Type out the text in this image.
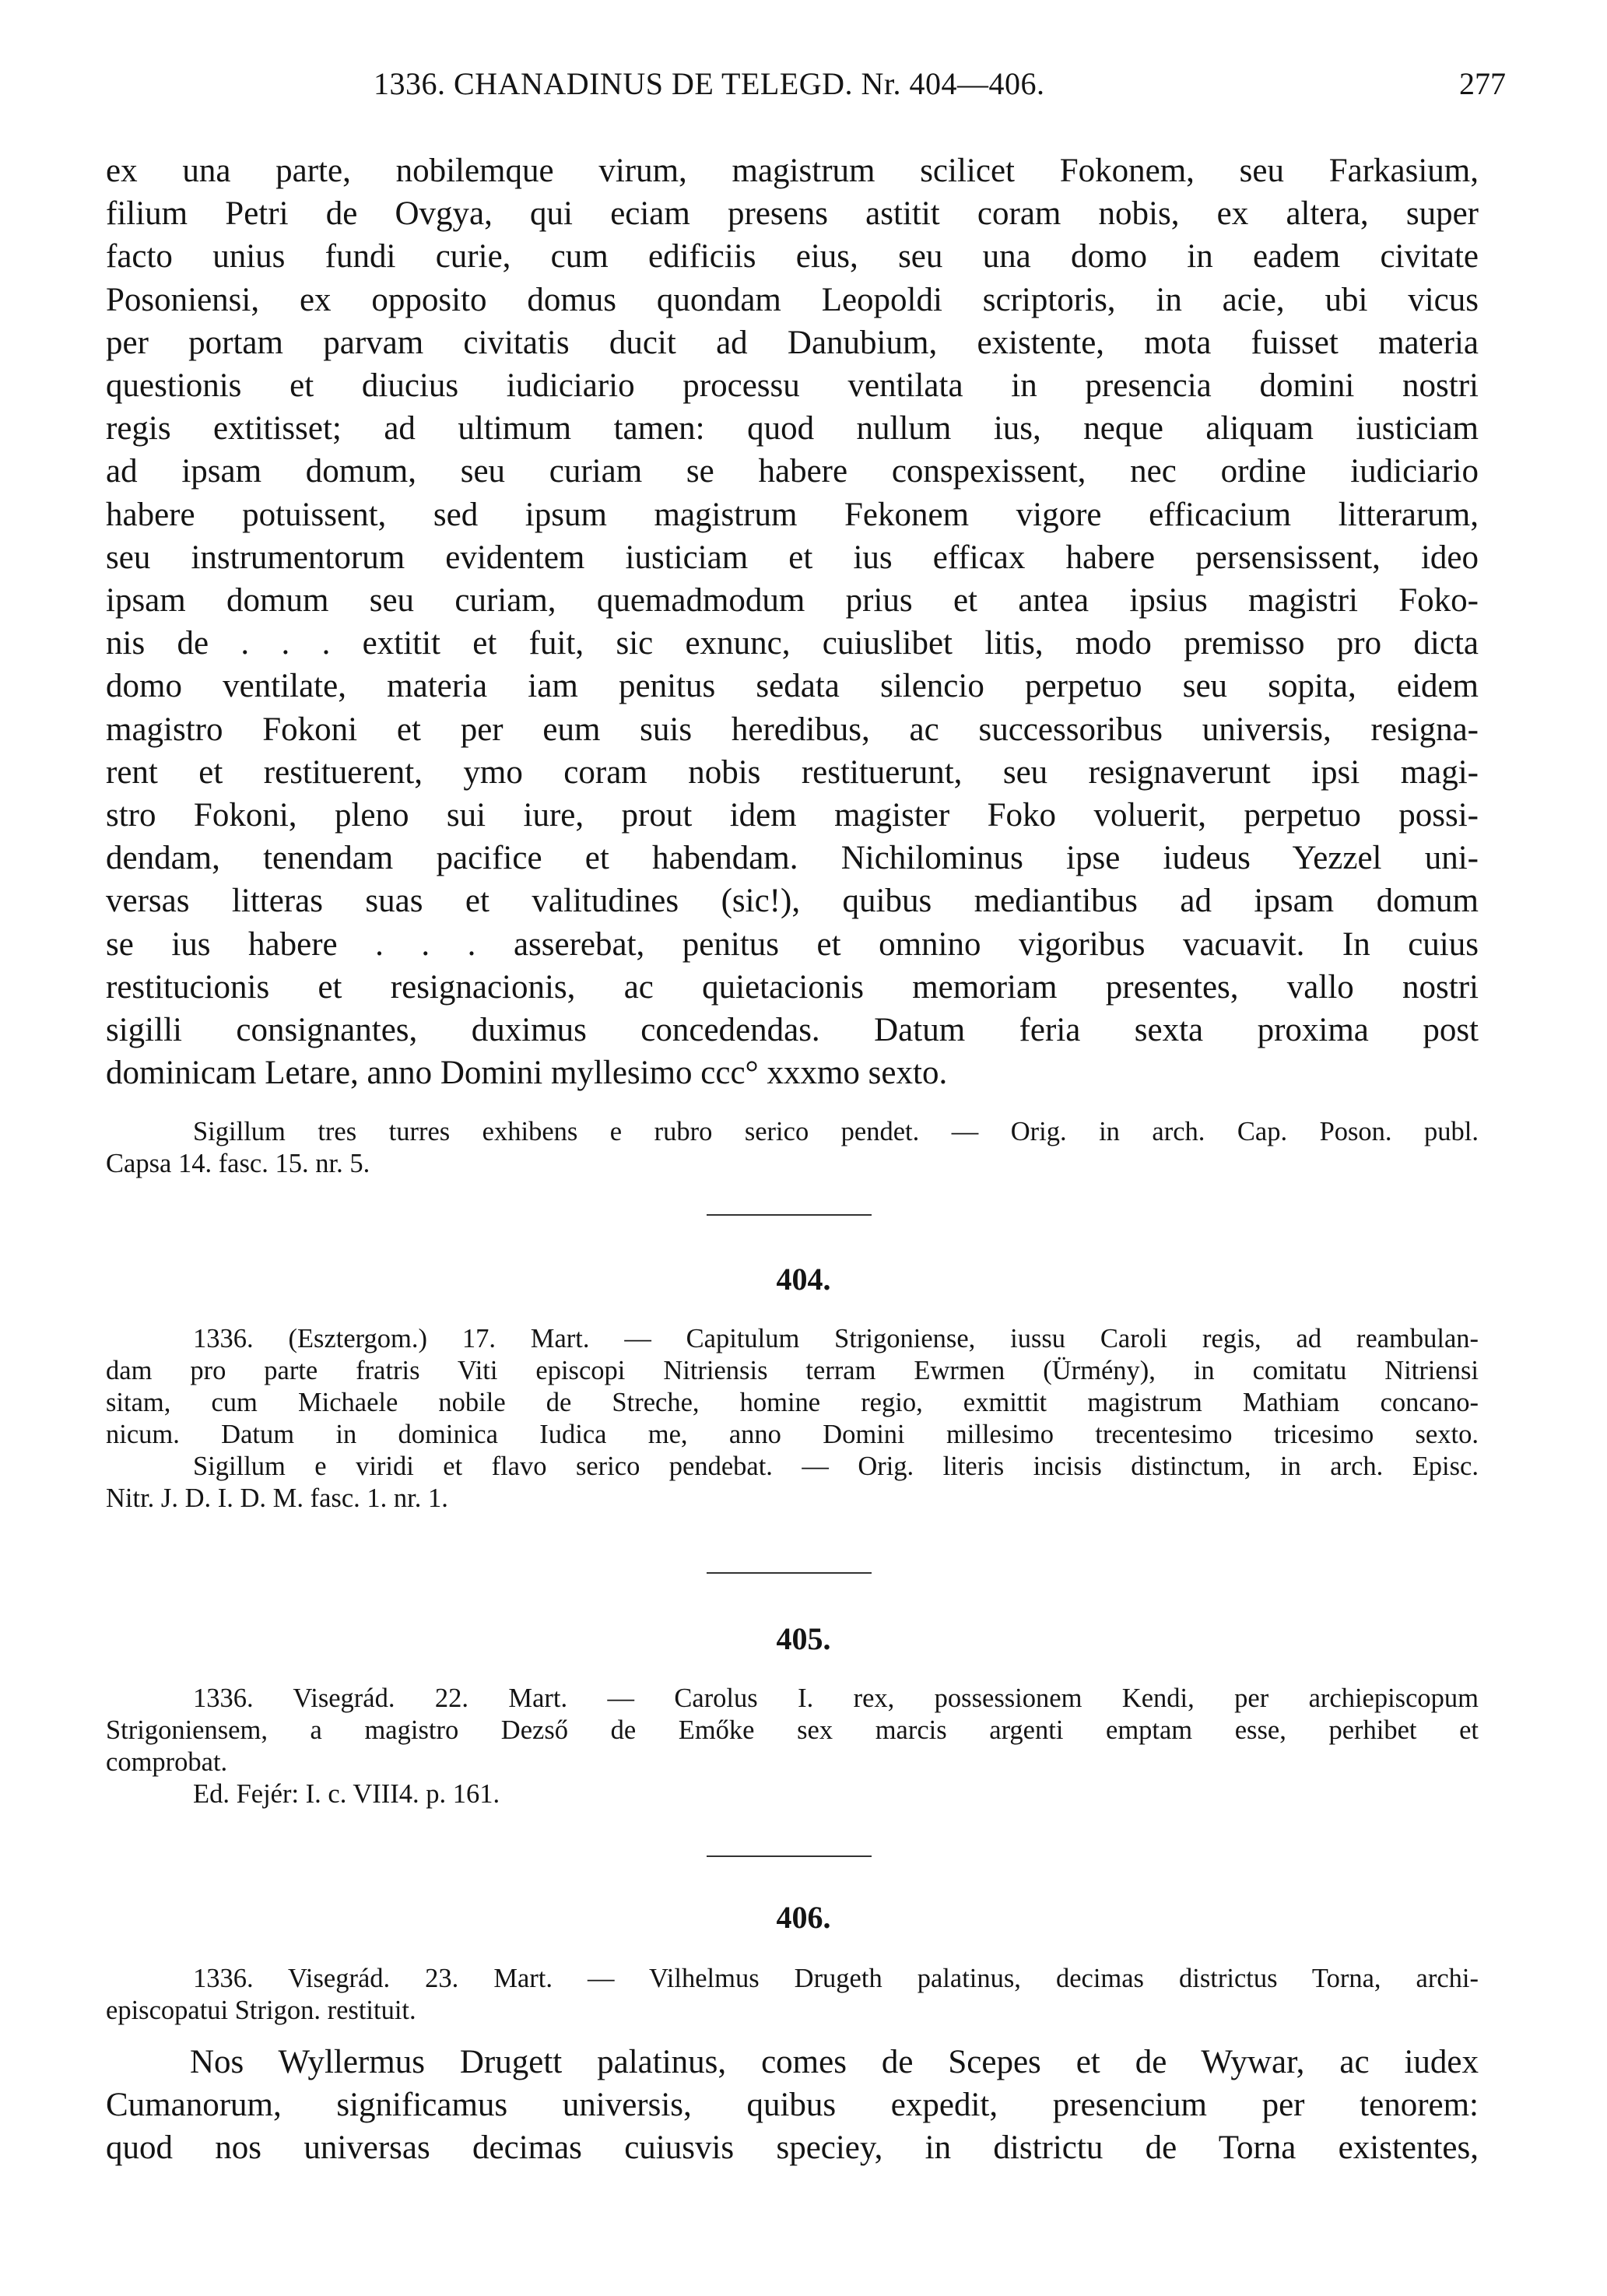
1336. CHANADINUS DE TELEGD. Nr. 404—406.	277
ex una parte, nobilemque virum, magistrum scilicet Fokonem, seu Farkasium,
filium Petri de Ovgya, qui eciam presens astitit coram nobis, ex altera, super
facto unius fundi curie, cum edificiis eius, seu una domo in eadem civitate
Posoniensi, ex opposito domus quondam Leopoldi scriptoris, in acie, ubi vicus
per portam parvam civitatis ducit ad Danubium, existente, mota fuisset materia
questionis et diucius iudiciario processu ventilata in presencia domini nostri
regis extitisset; ad ultimum tamen: quod nullum ius, neque aliquam iusticiam
ad ipsam domum, seu curiam se habere conspexissent, nec ordine iudiciario
habere potuissent, sed ipsum magistrum Fekonem vigore efficacium litterarum,
seu instrumentorum evidentem iusticiam et ius efficax habere persensissent, ideo
ipsam domum seu curiam, quemadmodum prius et antea ipsius magistri Foko-
nis de . . . extitit et fuit, sic exnunc, cuiuslibet litis, modo premisso pro dicta
domo ventilate, materia iam penitus sedata silencio perpetuo seu sopita, eidem
magistro Fokoni et per eum suis heredibus, ac successoribus universis, resigna-
rent et restituerent, ymo coram nobis restituerunt, seu resignaverunt ipsi magi-
stro Fokoni, pleno sui iure, prout idem magister Foko voluerit, perpetuo possi-
dendam, tenendam pacifice et habendam. Nichilominus ipse iudeus Yezzel uni-
versas litteras suas et valitudines (sic!), quibus mediantibus ad ipsam domum
se ius habere . . . asserebat, penitus et omnino vigoribus vacuavit. In cuius
restitucionis et resignacionis, ac quietacionis memoriam presentes, vallo nostri
sigilli consignantes, duximus concedendas. Datum feria sexta proxima post
dominicam Letare, anno Domini myllesimo ccc° xxxmo sexto.
Sigillum tres turres exhibens e rubro serico pendet. — Orig. in arch. Cap. Poson. publ.
Capsa 14. fasc. 15. nr. 5.
404.
1336. (Esztergom.) 17. Mart. — Capitulum Strigoniense, iussu Caroli regis, ad reambulan-
dam pro parte fratris Viti episcopi Nitriensis terram Ewrmen (Ürmény), in comitatu Nitriensi
sitam, cum Michaele nobile de Streche, homine regio, exmittit magistrum Mathiam concano-
nicum. Datum in dominica Iudica me, anno Domini millesimo trecentesimo tricesimo sexto.
Sigillum e viridi et flavo serico pendebat. — Orig. literis incisis distinctum, in arch. Episc.
Nitr. J. D. I. D. M. fasc. 1. nr. 1.
405.
1336. Visegrád. 22. Mart. — Carolus I. rex, possessionem Kendi, per archiepiscopum
Strigoniensem, a magistro Dezső de Emőke sex marcis argenti emptam esse, perhibet et
comprobat.
Ed. Fejér: I. c. VIII4. p. 161.
406.
1336. Visegrád. 23. Mart. — Vilhelmus Drugeth palatinus, decimas districtus Torna, archi-
episcopatui Strigon. restituit.
Nos Wyllermus Drugett palatinus, comes de Scepes et de Wywar, ac iudex
Cumanorum, significamus universis, quibus expedit, presencium per tenorem:
quod nos universas decimas cuiusvis speciey, in districtu de Torna existentes,
